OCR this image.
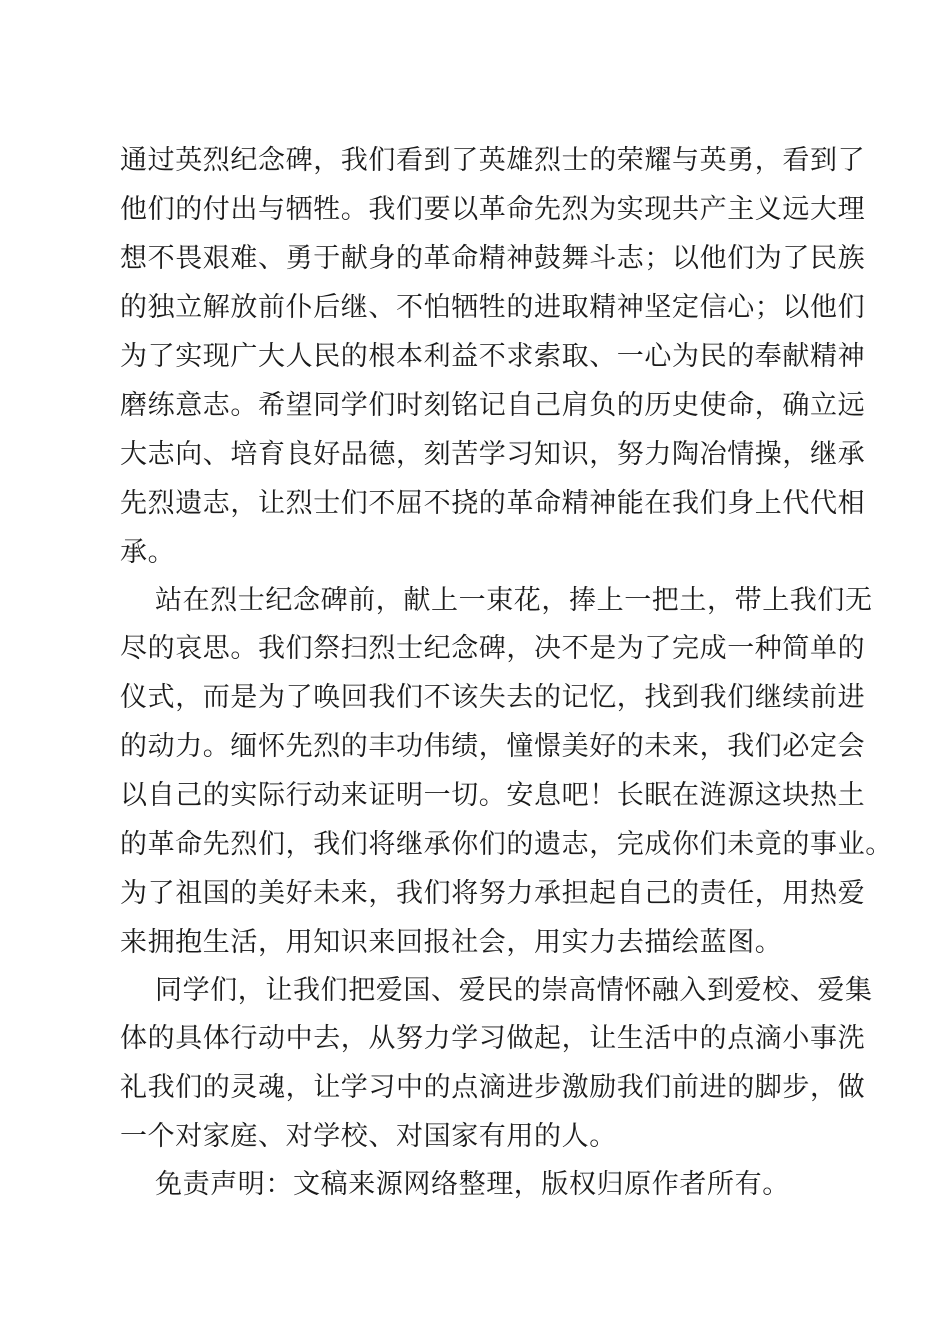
通过英烈纪念碑，我们看到了英雄烈士的荣耀与英勇，看到了
他们的付出与牺牲。我们要以革命先烈为实现共产主义远大理
想不畏艰难、勇于献身的革命精神鼓舞斗志；以他们为了民族
的独立解放前仆后继、不怕牺牲的进取精神坚定信心；以他们
为了实现广大人民的根本利益不求索取、一心为民的奉献精神
磨练意志。希望同学们时刻铭记自己肩负的历史使命，确立远
大志向、培育良好品德，刻苦学习知识，努力陶冶情操，继承
先烈遗志，让烈士们不屈不挠的革命精神能在我们身上代代相
承。
站在烈士纪念碑前，献上一束花，捧上一把土，带上我们无
尽的哀思。我们祭扫烈士纪念碑，决不是为了完成一种简单的
仪式，而是为了唤回我们不该失去的记忆，找到我们继续前进
的动力。缅怀先烈的丰功伟绩，憧憬美好的未来，我们必定会
以自己的实际行动来证明一切。安息吧！长眠在涟源这块热土
的革命先烈们，我们将继承你们的遗志，完成你们未竟的事业。
为了祖国的美好未来，我们将努力承担起自己的责任，用热爱
来拥抱生活，用知识来回报社会，用实力去描绘蓝图。
同学们，让我们把爱国、爱民的崇高情怀融入到爱校、爱集
体的具体行动中去，从努力学习做起，让生活中的点滴小事洗
礼我们的灵魂，让学习中的点滴进步激励我们前进的脚步，做
一个对家庭、对学校、对国家有用的人。
免责声明：文稿来源网络整理，版权归原作者所有。
